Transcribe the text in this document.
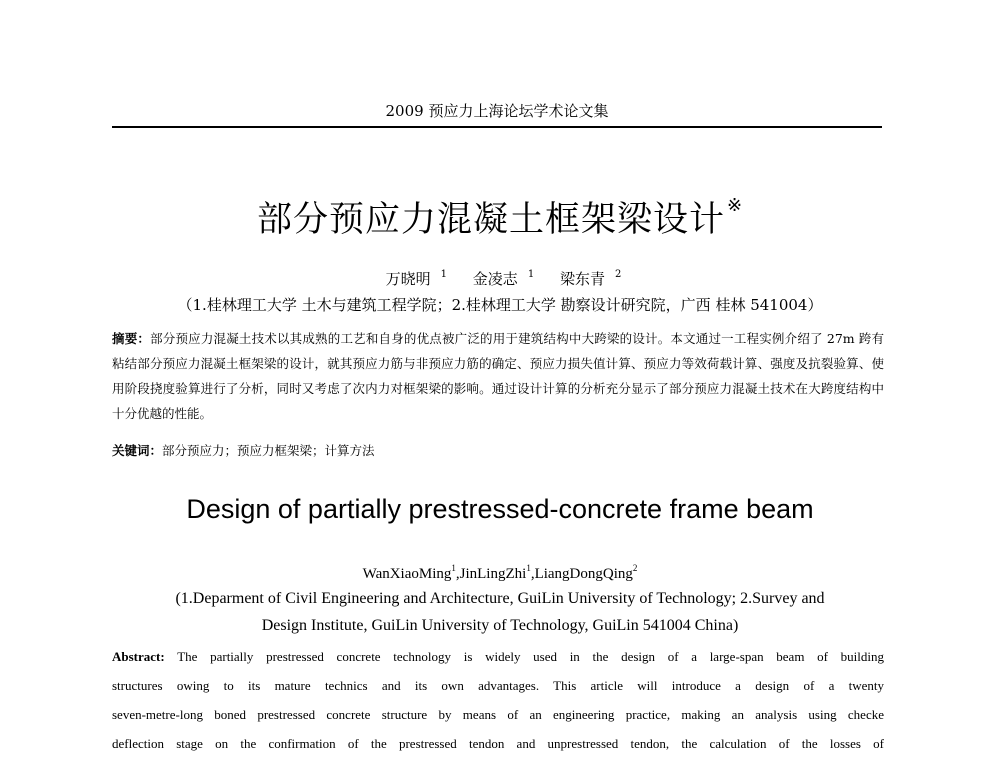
2009 预应力上海论坛学术论文集
部分预应力混凝土框架梁设计 ※
万晓明 $^1$ 金凌志 $^1$ 梁东青 $^2$
（1.桂林理工大学 土木与建筑工程学院；2.桂林理工大学 勘察设计研究院，广西 桂林 541004）
摘要：部分预应力混凝土技术以其成熟的工艺和自身的优点被广泛的用于建筑结构中大跨梁的设计。本文通过一工程实例介绍了 27m 跨有粘结部分预应力混凝土框架梁的设计，就其预应力筋与非预应力筋的确定、预应力损失值计算、预应力等效荷载计算、强度及抗裂验算、使用阶段挠度验算进行了分析，同时又考虑了次内力对框架梁的影响。通过设计计算的分析充分显示了部分预应力混凝土技术在大跨度结构中十分优越的性能。
关键词：部分预应力；预应力框架梁；计算方法
Design of partially prestressed-concrete frame beam
WanXiaoMing$^1$,JinLingZhi$^1$,LiangDongQing$^2$
(1.Deparment of Civil Engineering and Architecture, GuiLin University of Technology; 2.Survey and
Design Institute, GuiLin University of Technology, GuiLin 541004 China)
Abstract: The partially prestressed concrete technology is widely used in the design of a large-span beam of building
structures owing to its mature technics and its own advantages. This article will introduce a design of a twenty
seven-metre-long boned prestressed concrete structure by means of an engineering practice, making an analysis using checke
deflection stage on the confirmation of the prestressed tendon and unprestressed tendon, the calculation of the losses of
